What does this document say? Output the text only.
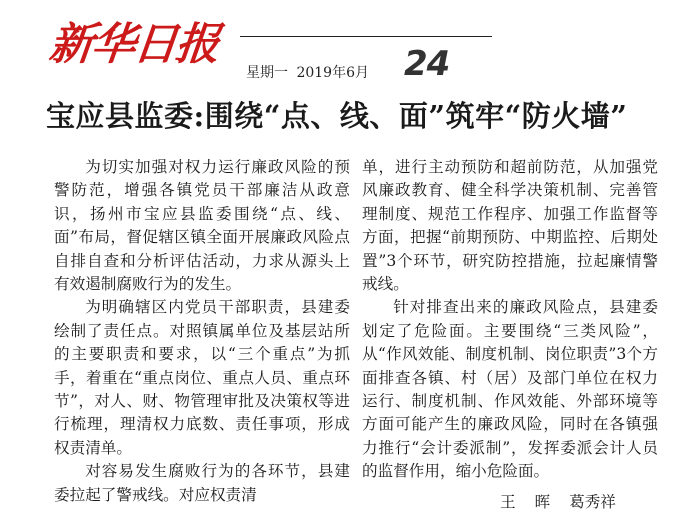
新华日报
星期一 2019年6月 24
宝应县监委:围绕“点、线、面”筑牢“防火墙”

为切实加强对权力运行廉政风险的预警防范，增强各镇党员干部廉洁从政意识，扬州市宝应县监委围绕“点、线、面”布局，督促辖区镇全面开展廉政风险点自排自查和分析评估活动，力求从源头上有效遏制腐败行为的发生。

为明确辖区内党员干部职责，县建委绘制了责任点。对照镇属单位及基层站所的主要职责和要求，以“三个重点”为抓手，着重在“重点岗位、重点人员、重点环节”，对人、财、物管理审批及决策权等进行梳理，理清权力底数、责任事项，形成权责清单。

对容易发生腐败行为的各环节，县建委拉起了警戒线。对应权责清

单，进行主动预防和超前防范，从加强党风廉政教育、健全科学决策机制、完善管理制度、规范工作程序、加强工作监督等方面，把握“前期预防、中期监控、后期处置”3个环节，研究防控措施，拉起廉情警戒线。

针对排查出来的廉政风险点，县建委划定了危险面。主要围绕“三类风险”，从“作风效能、制度机制、岗位职责”3个方面排查各镇、村（居）及部门单位在权力运行、制度机制、作风效能、外部环境等方面可能产生的廉政风险，同时在各镇强力推行“会计委派制”，发挥委派会计人员的监督作用，缩小危险面。

王 晖 葛秀祥
